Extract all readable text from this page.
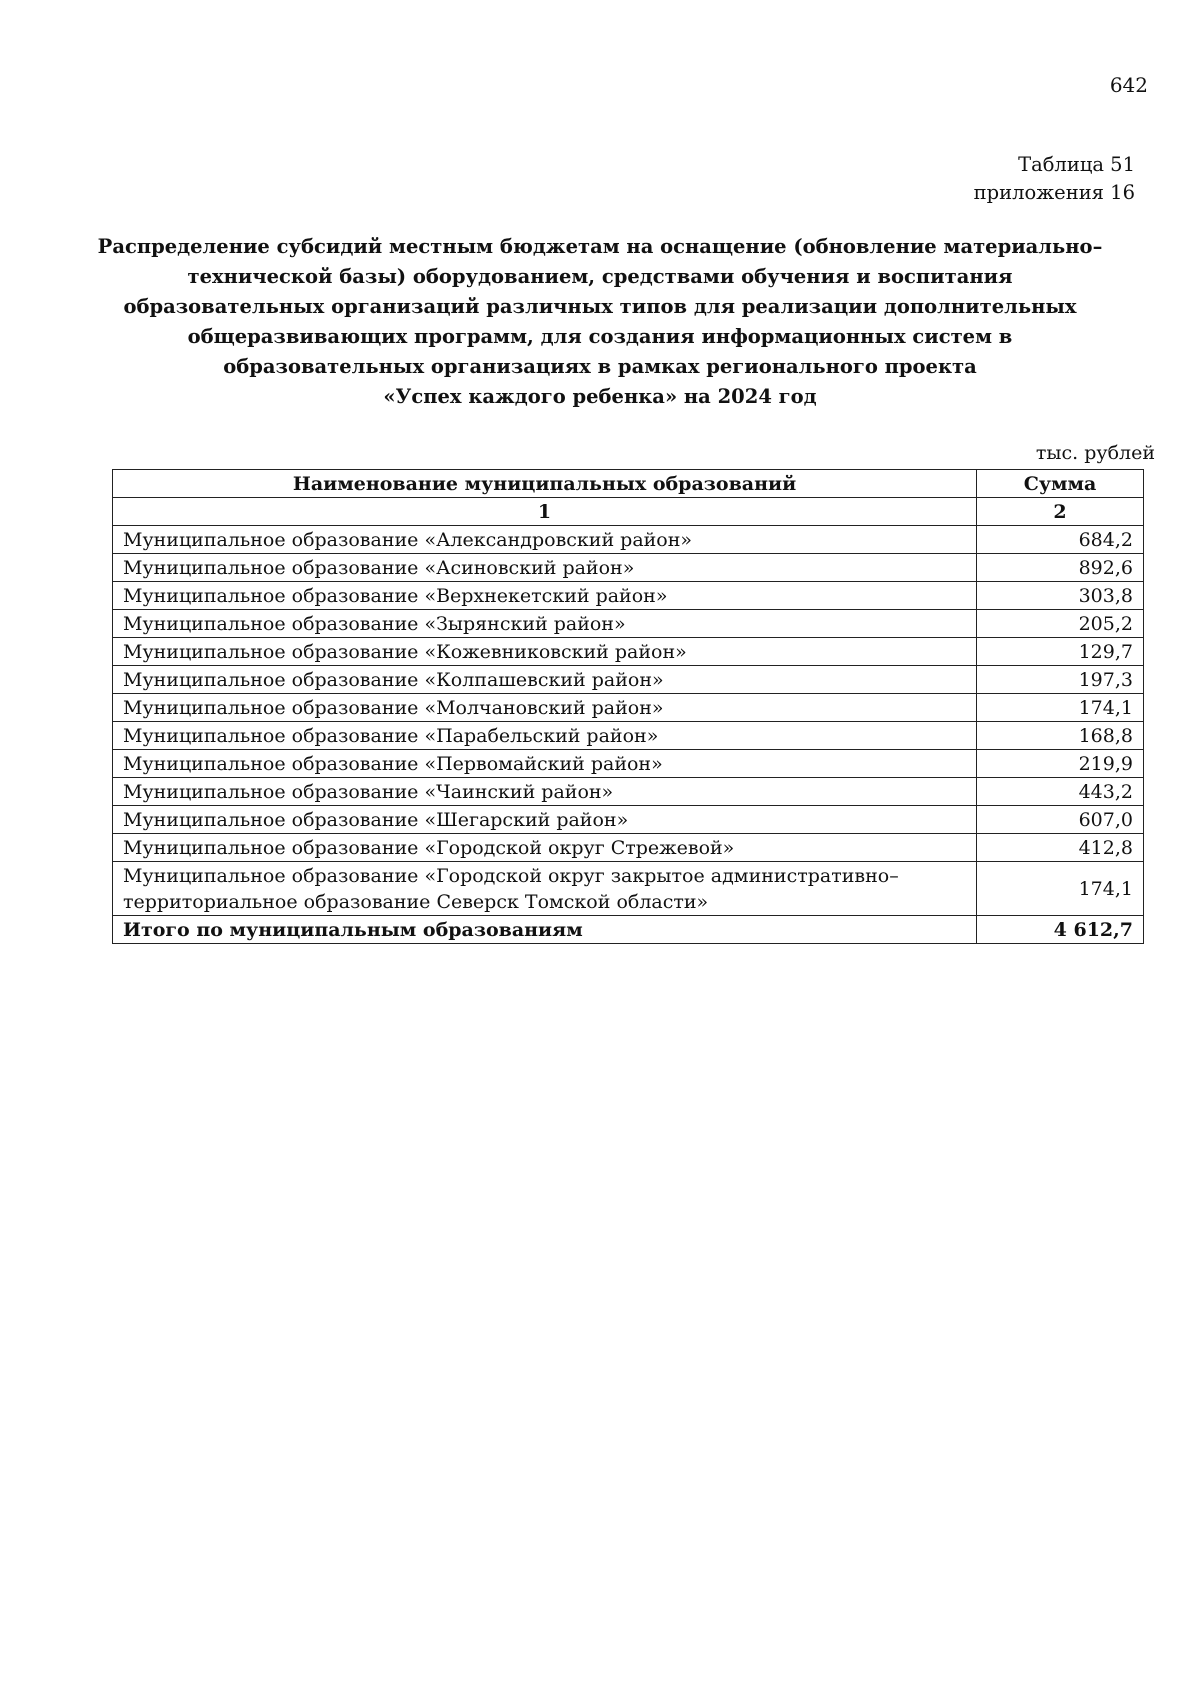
642
Таблица 51
приложения 16
Распределение субсидий местным бюджетам на оснащение (обновление материально–
технической базы) оборудованием, средствами обучения и воспитания
образовательных организаций различных типов для реализации дополнительных
общеразвивающих программ, для создания информационных систем в
образовательных организациях в рамках регионального проекта
«Успех каждого ребенка» на 2024 год
тыс. рублей
Наименование муниципальных образований	Сумма
1	2
Муниципальное образование «Александровский район»	684,2
Муниципальное образование «Асиновский район»	892,6
Муниципальное образование «Верхнекетский район»	303,8
Муниципальное образование «Зырянский район»	205,2
Муниципальное образование «Кожевниковский район»	129,7
Муниципальное образование «Колпашевский район»	197,3
Муниципальное образование «Молчановский район»	174,1
Муниципальное образование «Парабельский район»	168,8
Муниципальное образование «Первомайский район»	219,9
Муниципальное образование «Чаинский район»	443,2
Муниципальное образование «Шегарский район»	607,0
Муниципальное образование «Городской округ Стрежевой»	412,8
Муниципальное образование «Городской округ закрытое административно–территориальное образование Северск Томской области»	174,1
Итого по муниципальным образованиям	4 612,7
